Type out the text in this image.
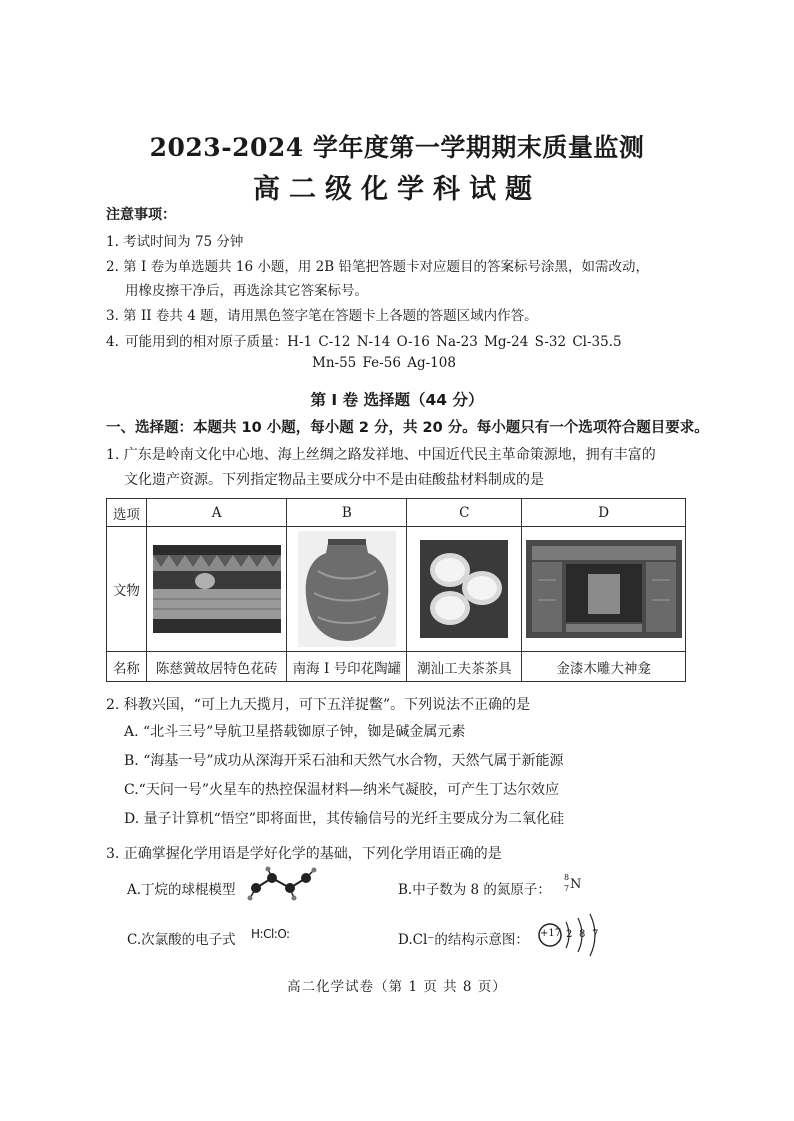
2023-2024 学年度第一学期期末质量监测
高二级化学科试题
注意事项：
1. 考试时间为 75 分钟
2. 第 I 卷为单选题共 16 小题，用 2B 铅笔把答题卡对应题目的答案标号涂黑，如需改动，
用橡皮擦干净后，再选涂其它答案标号。
3. 第 II 卷共 4 题，请用黑色签字笔在答题卡上各题的答题区域内作答。
4. 可能用到的相对原子质量：H-1 C-12 N-14 O-16 Na-23 Mg-24 S-32 Cl-35.5
Mn-55 Fe-56 Ag-108
第 I 卷 选择题（44 分）
一、选择题：本题共 10 小题，每小题 2 分，共 20 分。每小题只有一个选项符合题目要求。
1. 广东是岭南文化中心地、海上丝绸之路发祥地、中国近代民主革命策源地，拥有丰富的
文化遗产资源。下列指定物品主要成分中不是由硅酸盐材料制成的是
选项	A	B	C	D
文物	

名称	陈慈黉故居特色花砖	南海 I 号印花陶罐	潮汕工夫茶茶具	金漆木雕大神龛
2. 科教兴国，“可上九天揽月，可下五洋捉鳖”。下列说法不正确的是
A. “北斗三号”导航卫星搭载铷原子钟，铷是碱金属元素
B. “海基一号”成功从深海开采石油和天然气水合物，天然气属于新能源
C.“天问一号”火星车的热控保温材料—纳米气凝胶，可产生丁达尔效应
D. 量子计算机“悟空”即将面世，其传输信号的光纤主要成分为二氧化硅
3. 正确掌握化学用语是学好化学的基础，下列化学用语正确的是
A.丁烷的球棍模型	B.中子数为 8 的氮原子：
8
7 N
C.次氯酸的电子式 H:Cl:O:	D.Cl⁻的结构示意图： +17 2 8 7
高二化学试卷（第 1 页 共 8 页）
